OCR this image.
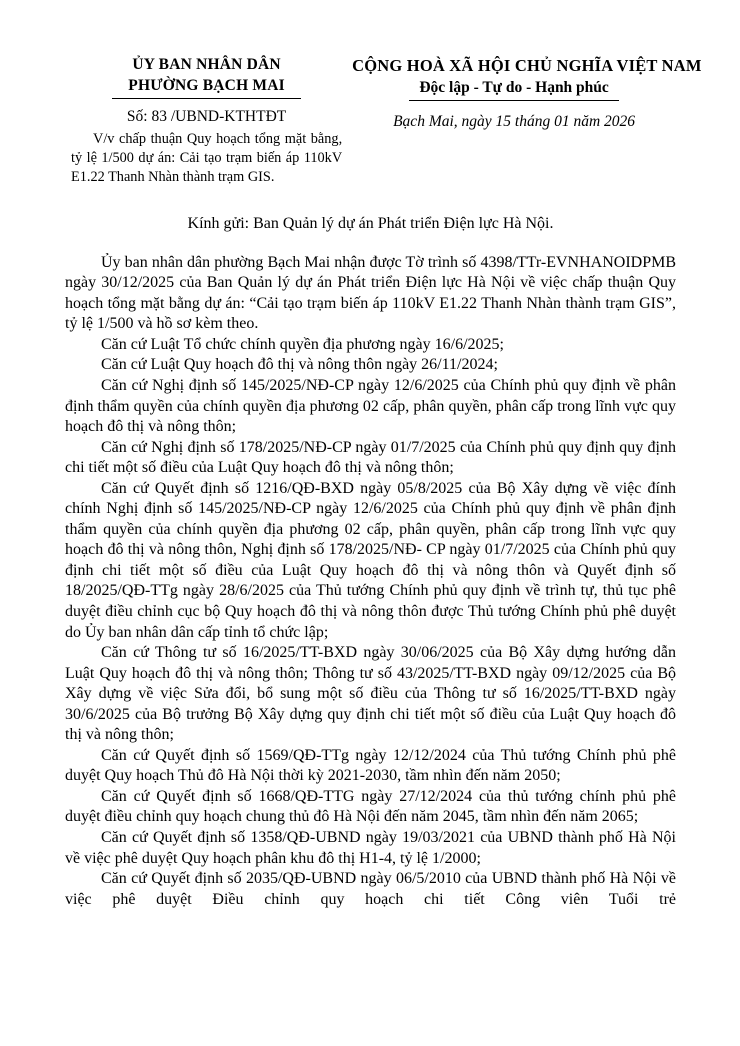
ỦY BAN NHÂN DÂN
PHƯỜNG BẠCH MAI
Số: 83 /UBND-KTHTĐT
V/v chấp thuận Quy hoạch tổng mặt bằng, tỷ lệ 1/500 dự án: Cải tạo trạm biến áp 110kV E1.22 Thanh Nhàn thành trạm GIS.
CỘNG HOÀ XÃ HỘI CHỦ NGHĨA VIỆT NAM
Độc lập - Tự do - Hạnh phúc
Bạch Mai, ngày 15 tháng 01 năm 2026
Kính gửi: Ban Quản lý dự án Phát triển Điện lực Hà Nội.

Ủy ban nhân dân phường Bạch Mai nhận được Tờ trình số 4398/TTr-EVNHANOIDPMB ngày 30/12/2025 của Ban Quản lý dự án Phát triển Điện lực Hà Nội về việc chấp thuận Quy hoạch tổng mặt bằng dự án: “Cải tạo trạm biến áp 110kV E1.22 Thanh Nhàn thành trạm GIS”, tỷ lệ 1/500 và hồ sơ kèm theo.

Căn cứ Luật Tổ chức chính quyền địa phương ngày 16/6/2025;

Căn cứ Luật Quy hoạch đô thị và nông thôn ngày 26/11/2024;

Căn cứ Nghị định số 145/2025/NĐ-CP ngày 12/6/2025 của Chính phủ quy định về phân định thẩm quyền của chính quyền địa phương 02 cấp, phân quyền, phân cấp trong lĩnh vực quy hoạch đô thị và nông thôn;

Căn cứ Nghị định số 178/2025/NĐ-CP ngày 01/7/2025 của Chính phủ quy định quy định chi tiết một số điều của Luật Quy hoạch đô thị và nông thôn;

Căn cứ Quyết định số 1216/QĐ-BXD ngày 05/8/2025 của Bộ Xây dựng về việc đính chính Nghị định số 145/2025/NĐ-CP ngày 12/6/2025 của Chính phủ quy định về phân định thẩm quyền của chính quyền địa phương 02 cấp, phân quyền, phân cấp trong lĩnh vực quy hoạch đô thị và nông thôn, Nghị định số 178/2025/NĐ- CP ngày 01/7/2025 của Chính phủ quy định chi tiết một số điều của Luật Quy hoạch đô thị và nông thôn và Quyết định số 18/2025/QĐ-TTg ngày 28/6/2025 của Thủ tướng Chính phủ quy định về trình tự, thủ tục phê duyệt điều chỉnh cục bộ Quy hoạch đô thị và nông thôn được Thủ tướng Chính phủ phê duyệt do Ủy ban nhân dân cấp tỉnh tổ chức lập;

Căn cứ Thông tư số 16/2025/TT-BXD ngày 30/06/2025 của Bộ Xây dựng hướng dẫn Luật Quy hoạch đô thị và nông thôn; Thông tư số 43/2025/TT-BXD ngày 09/12/2025 của Bộ Xây dựng về việc Sửa đổi, bổ sung một số điều của Thông tư số 16/2025/TT-BXD ngày 30/6/2025 của Bộ trưởng Bộ Xây dựng quy định chi tiết một số điều của Luật Quy hoạch đô thị và nông thôn;

Căn cứ Quyết định số 1569/QĐ-TTg ngày 12/12/2024 của Thủ tướng Chính phủ phê duyệt Quy hoạch Thủ đô Hà Nội thời kỳ 2021-2030, tầm nhìn đến năm 2050;

Căn cứ Quyết định số 1668/QĐ-TTG ngày 27/12/2024 của thủ tướng chính phủ phê duyệt điều chỉnh quy hoạch chung thủ đô Hà Nội đến năm 2045, tầm nhìn đến năm 2065;

Căn cứ Quyết định số 1358/QĐ-UBND ngày 19/03/2021 của UBND thành phố Hà Nội về việc phê duyệt Quy hoạch phân khu đô thị H1-4, tỷ lệ 1/2000;

Căn cứ Quyết định số 2035/QĐ-UBND ngày 06/5/2010 của UBND thành phố Hà Nội về việc phê duyệt Điều chỉnh quy hoạch chi tiết Công viên Tuổi trẻ
